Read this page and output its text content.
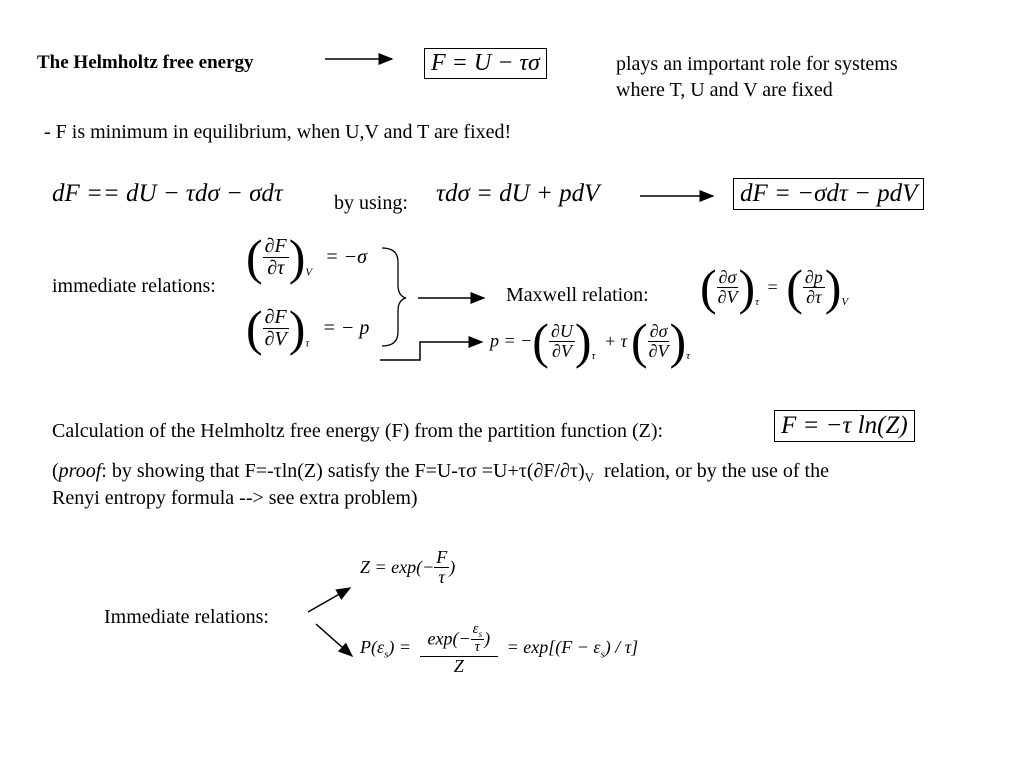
The Helmholtz free energy	F = U − τσ	plays an important role for systems
where T, U and V are fixed
- F is minimum in equilibrium, when U,V and T are fixed!
dF == dU − τdσ − σdτ	by using: τdσ = dU + pdV	dF = −σdτ − pdV
immediate relations:
( $\frac{\partial F}{\partial\tau} )_V = -\sigma$
( $\frac{\partial F}{\partial V} )_\tau$ = − p
Maxwell relation: ( $\frac{\partial\sigma}{\partial V} )_\tau$ = ( $\frac{\partial p}{\partial\tau} )_V$
p = −( $\frac{\partial U}{\partial V} )_\tau + \tau( \frac{\partial\sigma}{\partial V} )_\tau$
Calculation of the Helmholtz free energy (F) from the partition function (Z):	F = −τ ln(Z)
(proof: by showing that F=-τln(Z) satisfy the $F=U-\tau\sigma =U+\tau(\partial F/\partial\tau)_V$  relation, or by the use of the
Renyi entropy formula --> see extra problem)
Immediate relations:
$Z = \exp(- \frac{F}{\tau}$ )
$P(\varepsilon_s) = \frac{\exp(- \frac{\varepsilon_s}{\tau} )}{Z} = \exp[(F - \varepsilon_s) / \tau]$
